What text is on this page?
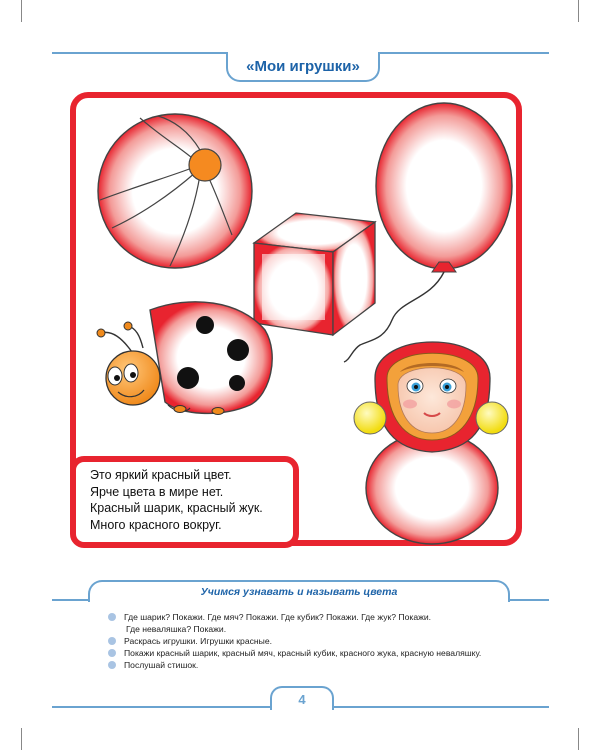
«Мои игрушки»
Это яркий красный цвет.
Ярче цвета в мире нет.
Красный шарик, красный жук.
Много красного вокруг.
Учимся узнавать и называть цвета
Где шарик? Покажи. Где мяч? Покажи. Где кубик? Покажи. Где жук? Покажи.
Где неваляшка? Покажи.
Раскрась игрушки. Игрушки красные.
Покажи красный шарик, красный мяч, красный кубик, красного жука, красную неваляшку.
Послушай стишок.
4
